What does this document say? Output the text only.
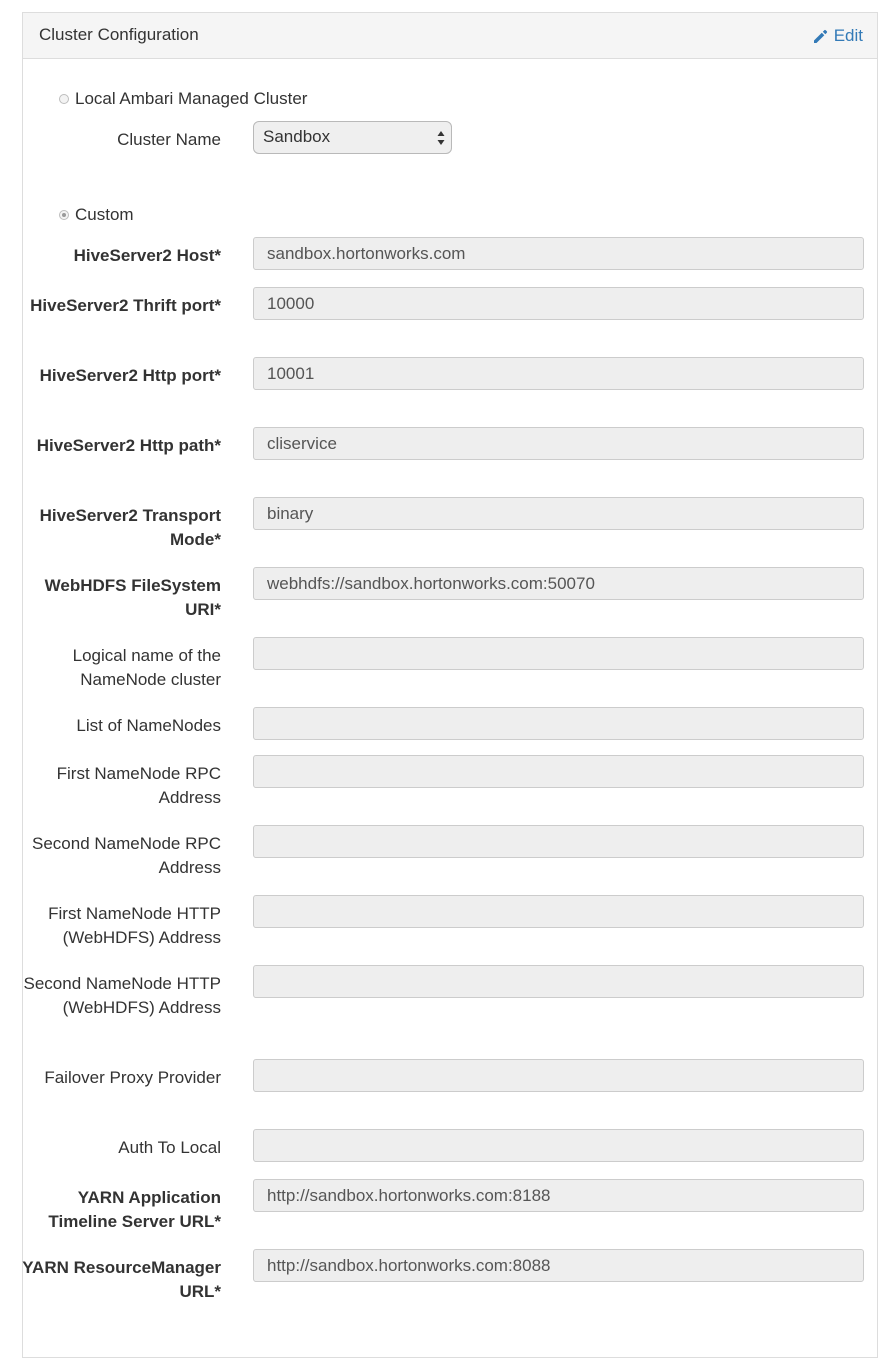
Cluster Configuration	Edit
Local Ambari Managed Cluster
Cluster Name	Sandbox
Custom
HiveServer2 Host*
sandbox.hortonworks.com
HiveServer2 Thrift port*
10000
HiveServer2 Http port*
10001
HiveServer2 Http path*
cliservice
HiveServer2 Transport Mode*
binary
WebHDFS FileSystem URI*
webhdfs://sandbox.hortonworks.com:50070
Logical name of the NameNode cluster
List of NameNodes
First NameNode RPC Address
Second NameNode RPC Address
First NameNode HTTP (WebHDFS) Address
Second NameNode HTTP (WebHDFS) Address
Failover Proxy Provider
Auth To Local
YARN Application Timeline Server URL*
http://sandbox.hortonworks.com:8188
YARN ResourceManager URL*
http://sandbox.hortonworks.com:8088
